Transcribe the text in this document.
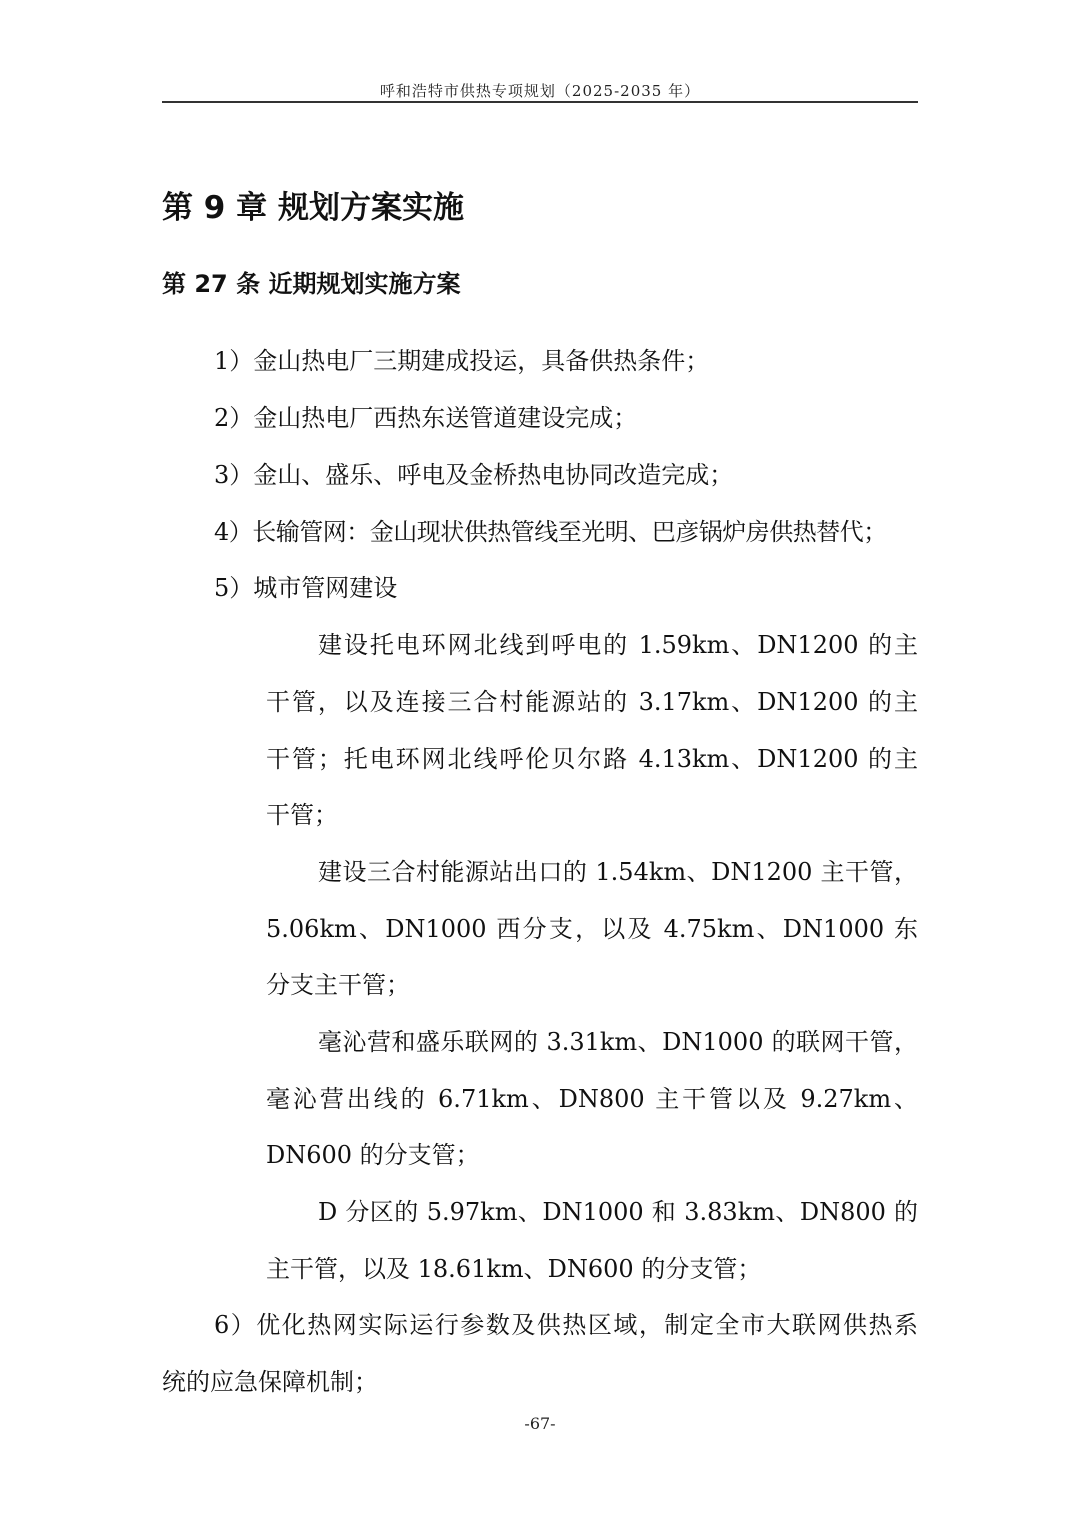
呼和浩特市供热专项规划（2025-2035 年）
第 9 章 规划方案实施
第 27 条 近期规划实施方案
1）金山热电厂三期建成投运，具备供热条件；
2）金山热电厂西热东送管道建设完成；
3）金山、盛乐、呼电及金桥热电协同改造完成；
4）长输管网：金山现状供热管线至光明、巴彦锅炉房供热替代；
5）城市管网建设
建设托电环网北线到呼电的 1.59km、DN1200 的主
干管，以及连接三合村能源站的 3.17km、DN1200 的主
干管；托电环网北线呼伦贝尔路 4.13km、DN1200 的主
干管；
建设三合村能源站出口的 1.54km、DN1200 主干管，
5.06km、DN1000 西分支，以及 4.75km、DN1000 东
分支主干管；
毫沁营和盛乐联网的 3.31km、DN1000 的联网干管，
毫沁营出线的 6.71km、DN800 主干管以及 9.27km、
DN600 的分支管；
D 分区的 5.97km、DN1000 和 3.83km、DN800 的
主干管，以及 18.61km、DN600 的分支管；
6）优化热网实际运行参数及供热区域，制定全市大联网供热系
统的应急保障机制；
-67-
